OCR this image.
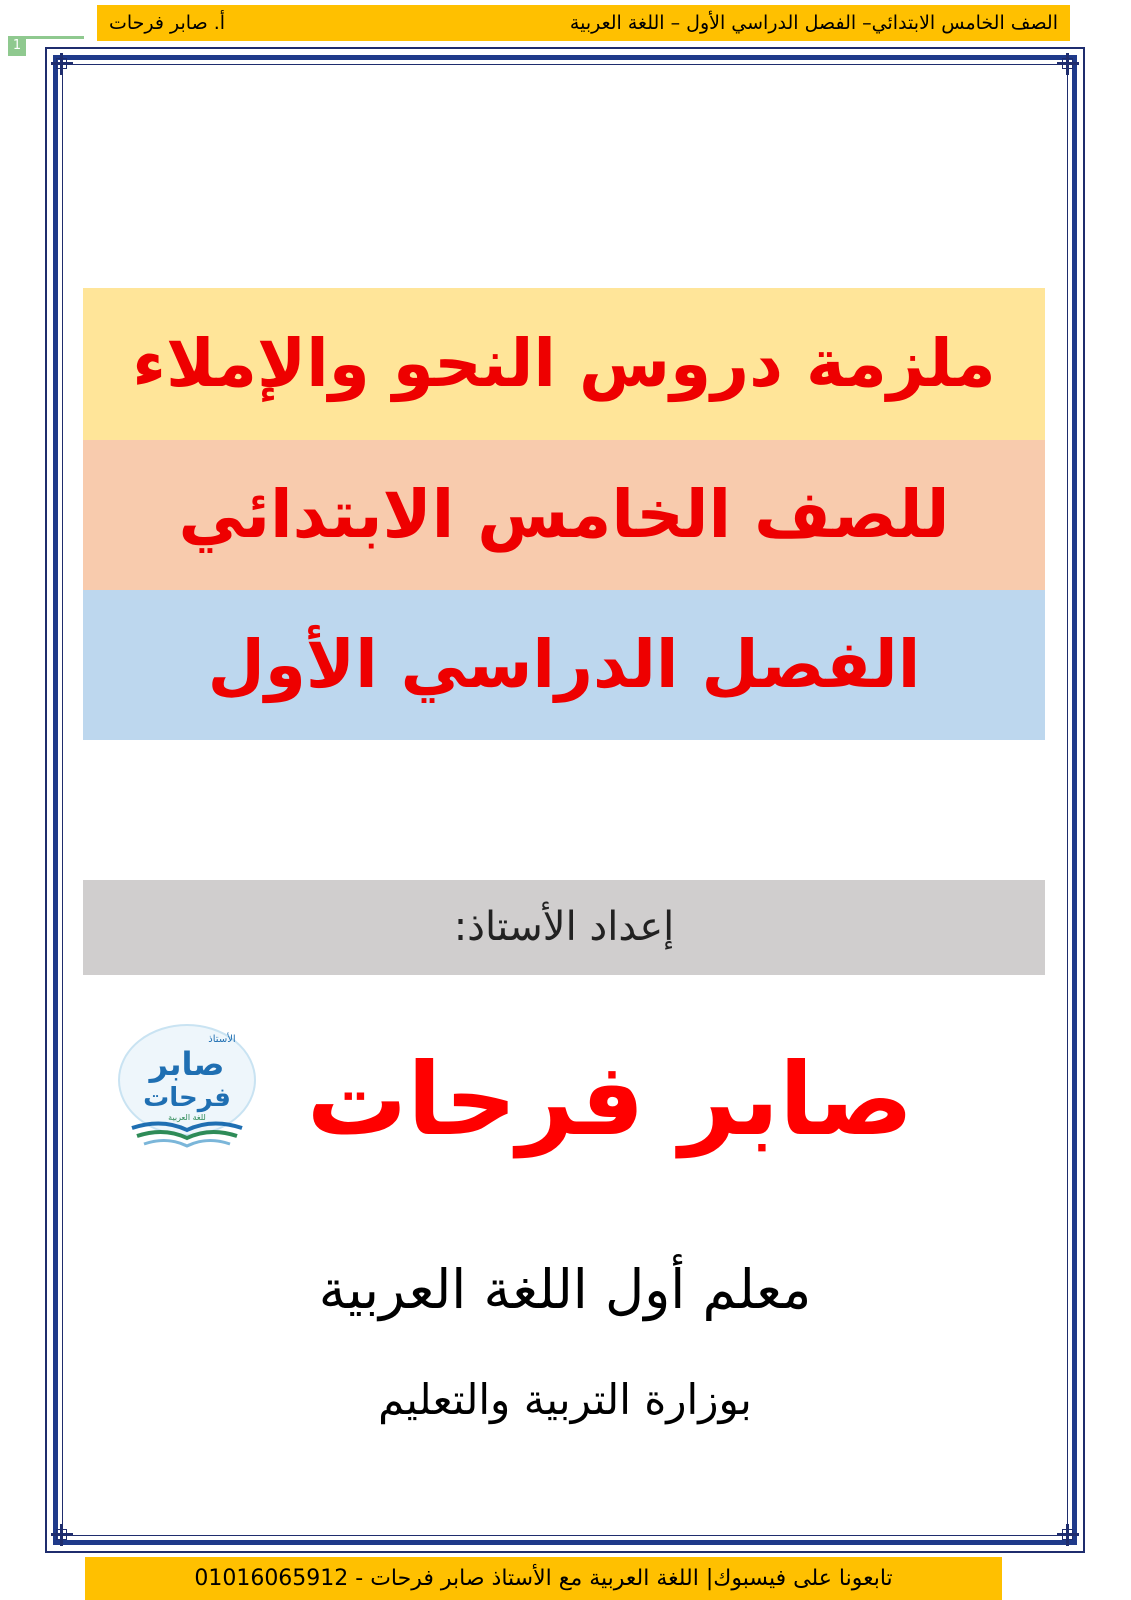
الصف الخامس الابتدائي– الفصل الدراسي الأول – اللغة العربية
أ. صابر فرحات
1
ملزمة دروس النحو والإملاء
للصف الخامس الابتدائي
الفصل الدراسي الأول
إعداد الأستاذ:
صابر فرحات
الأستاذ
صابر
فرحات
للغة العربية
معلم أول اللغة العربية
بوزارة التربية والتعليم
تابعونا على فيسبوك| اللغة العربية مع الأستاذ صابر فرحات - 01016065912
